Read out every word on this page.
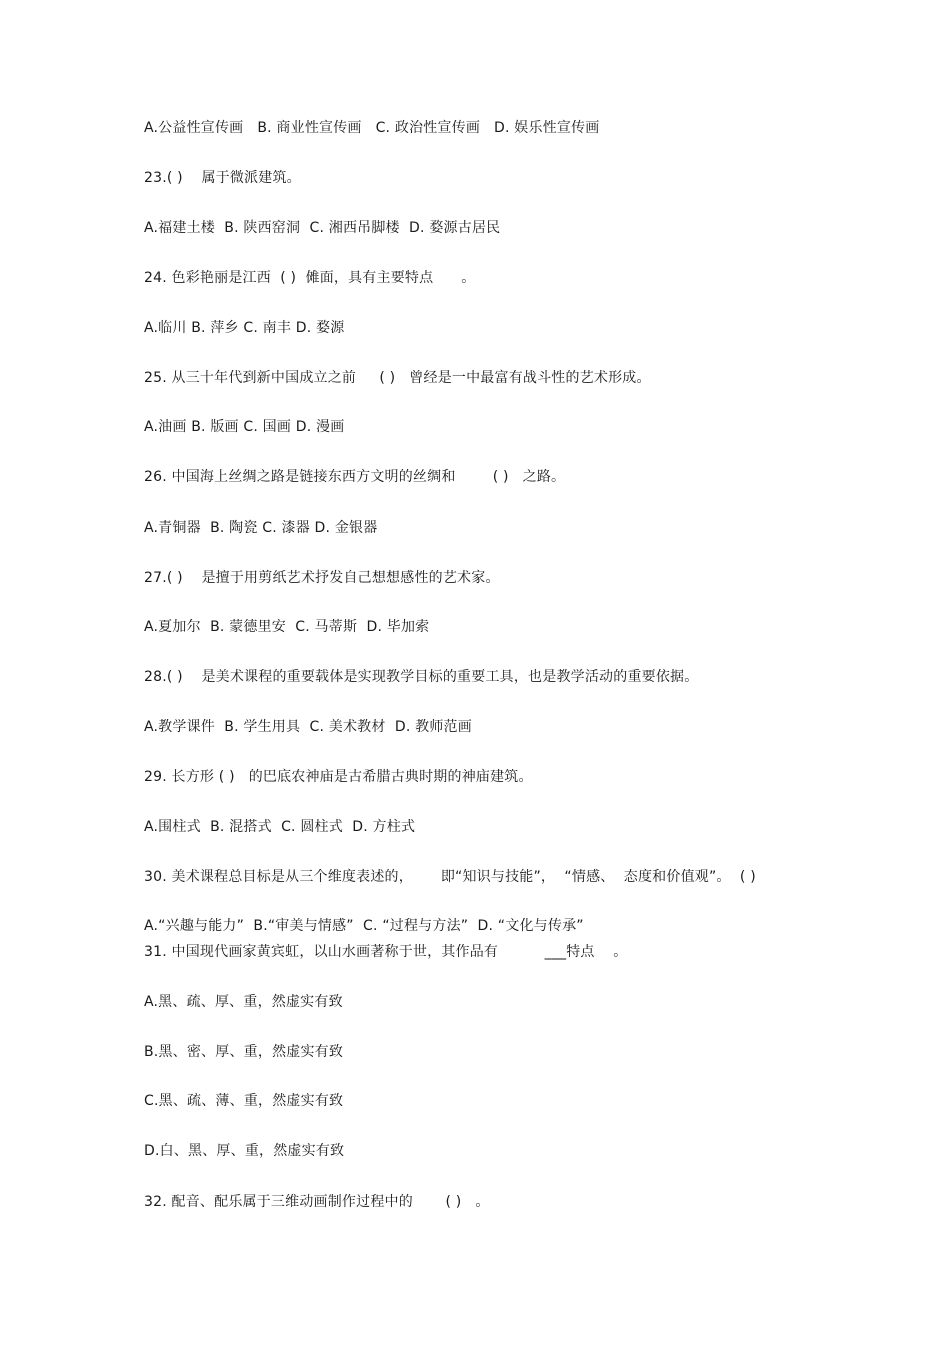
A.公益性宣传画   B. 商业性宣传画   C. 政治性宣传画   D. 娱乐性宣传画
23.( )    属于微派建筑。
A.福建土楼  B. 陕西窑洞  C. 湘西吊脚楼  D. 婺源古居民
24. 色彩艳丽是江西  ( )  傩面，具有主要特点      。
A.临川 B. 萍乡 C. 南丰 D. 婺源
25. 从三十年代到新中国成立之前     ( )   曾经是一中最富有战斗性的艺术形成。
A.油画 B. 版画 C. 国画 D. 漫画
26. 中国海上丝绸之路是链接东西方文明的丝绸和        ( )   之路。
A.青铜器  B. 陶瓷 C. 漆器 D. 金银器
27.( )    是擅于用剪纸艺术抒发自己想想感性的艺术家。
A.夏加尔  B. 蒙德里安  C. 马蒂斯  D. 毕加索
28.( )    是美术课程的重要载体是实现教学目标的重要工具，也是教学活动的重要依据。
A.教学课件  B. 学生用具  C. 美术教材  D. 教师范画
29. 长方形 ( )   的巴底农神庙是古希腊古典时期的神庙建筑。
A.围柱式  B. 混搭式  C. 圆柱式  D. 方柱式
30. 美术课程总目标是从三个维度表述的，      即“知识与技能”，  “情感、  态度和价值观”。  ( )
A.“兴趣与能力”  B.“审美与情感”  C. “过程与方法”  D. “文化与传承”
31. 中国现代画家黄宾虹，以山水画著称于世，其作品有          ___特点    。
A.黑、疏、厚、重，然虚实有致
B.黑、密、厚、重，然虚实有致
C.黑、疏、薄、重，然虚实有致
D.白、黑、厚、重，然虚实有致
32. 配音、配乐属于三维动画制作过程中的       ( )   。
